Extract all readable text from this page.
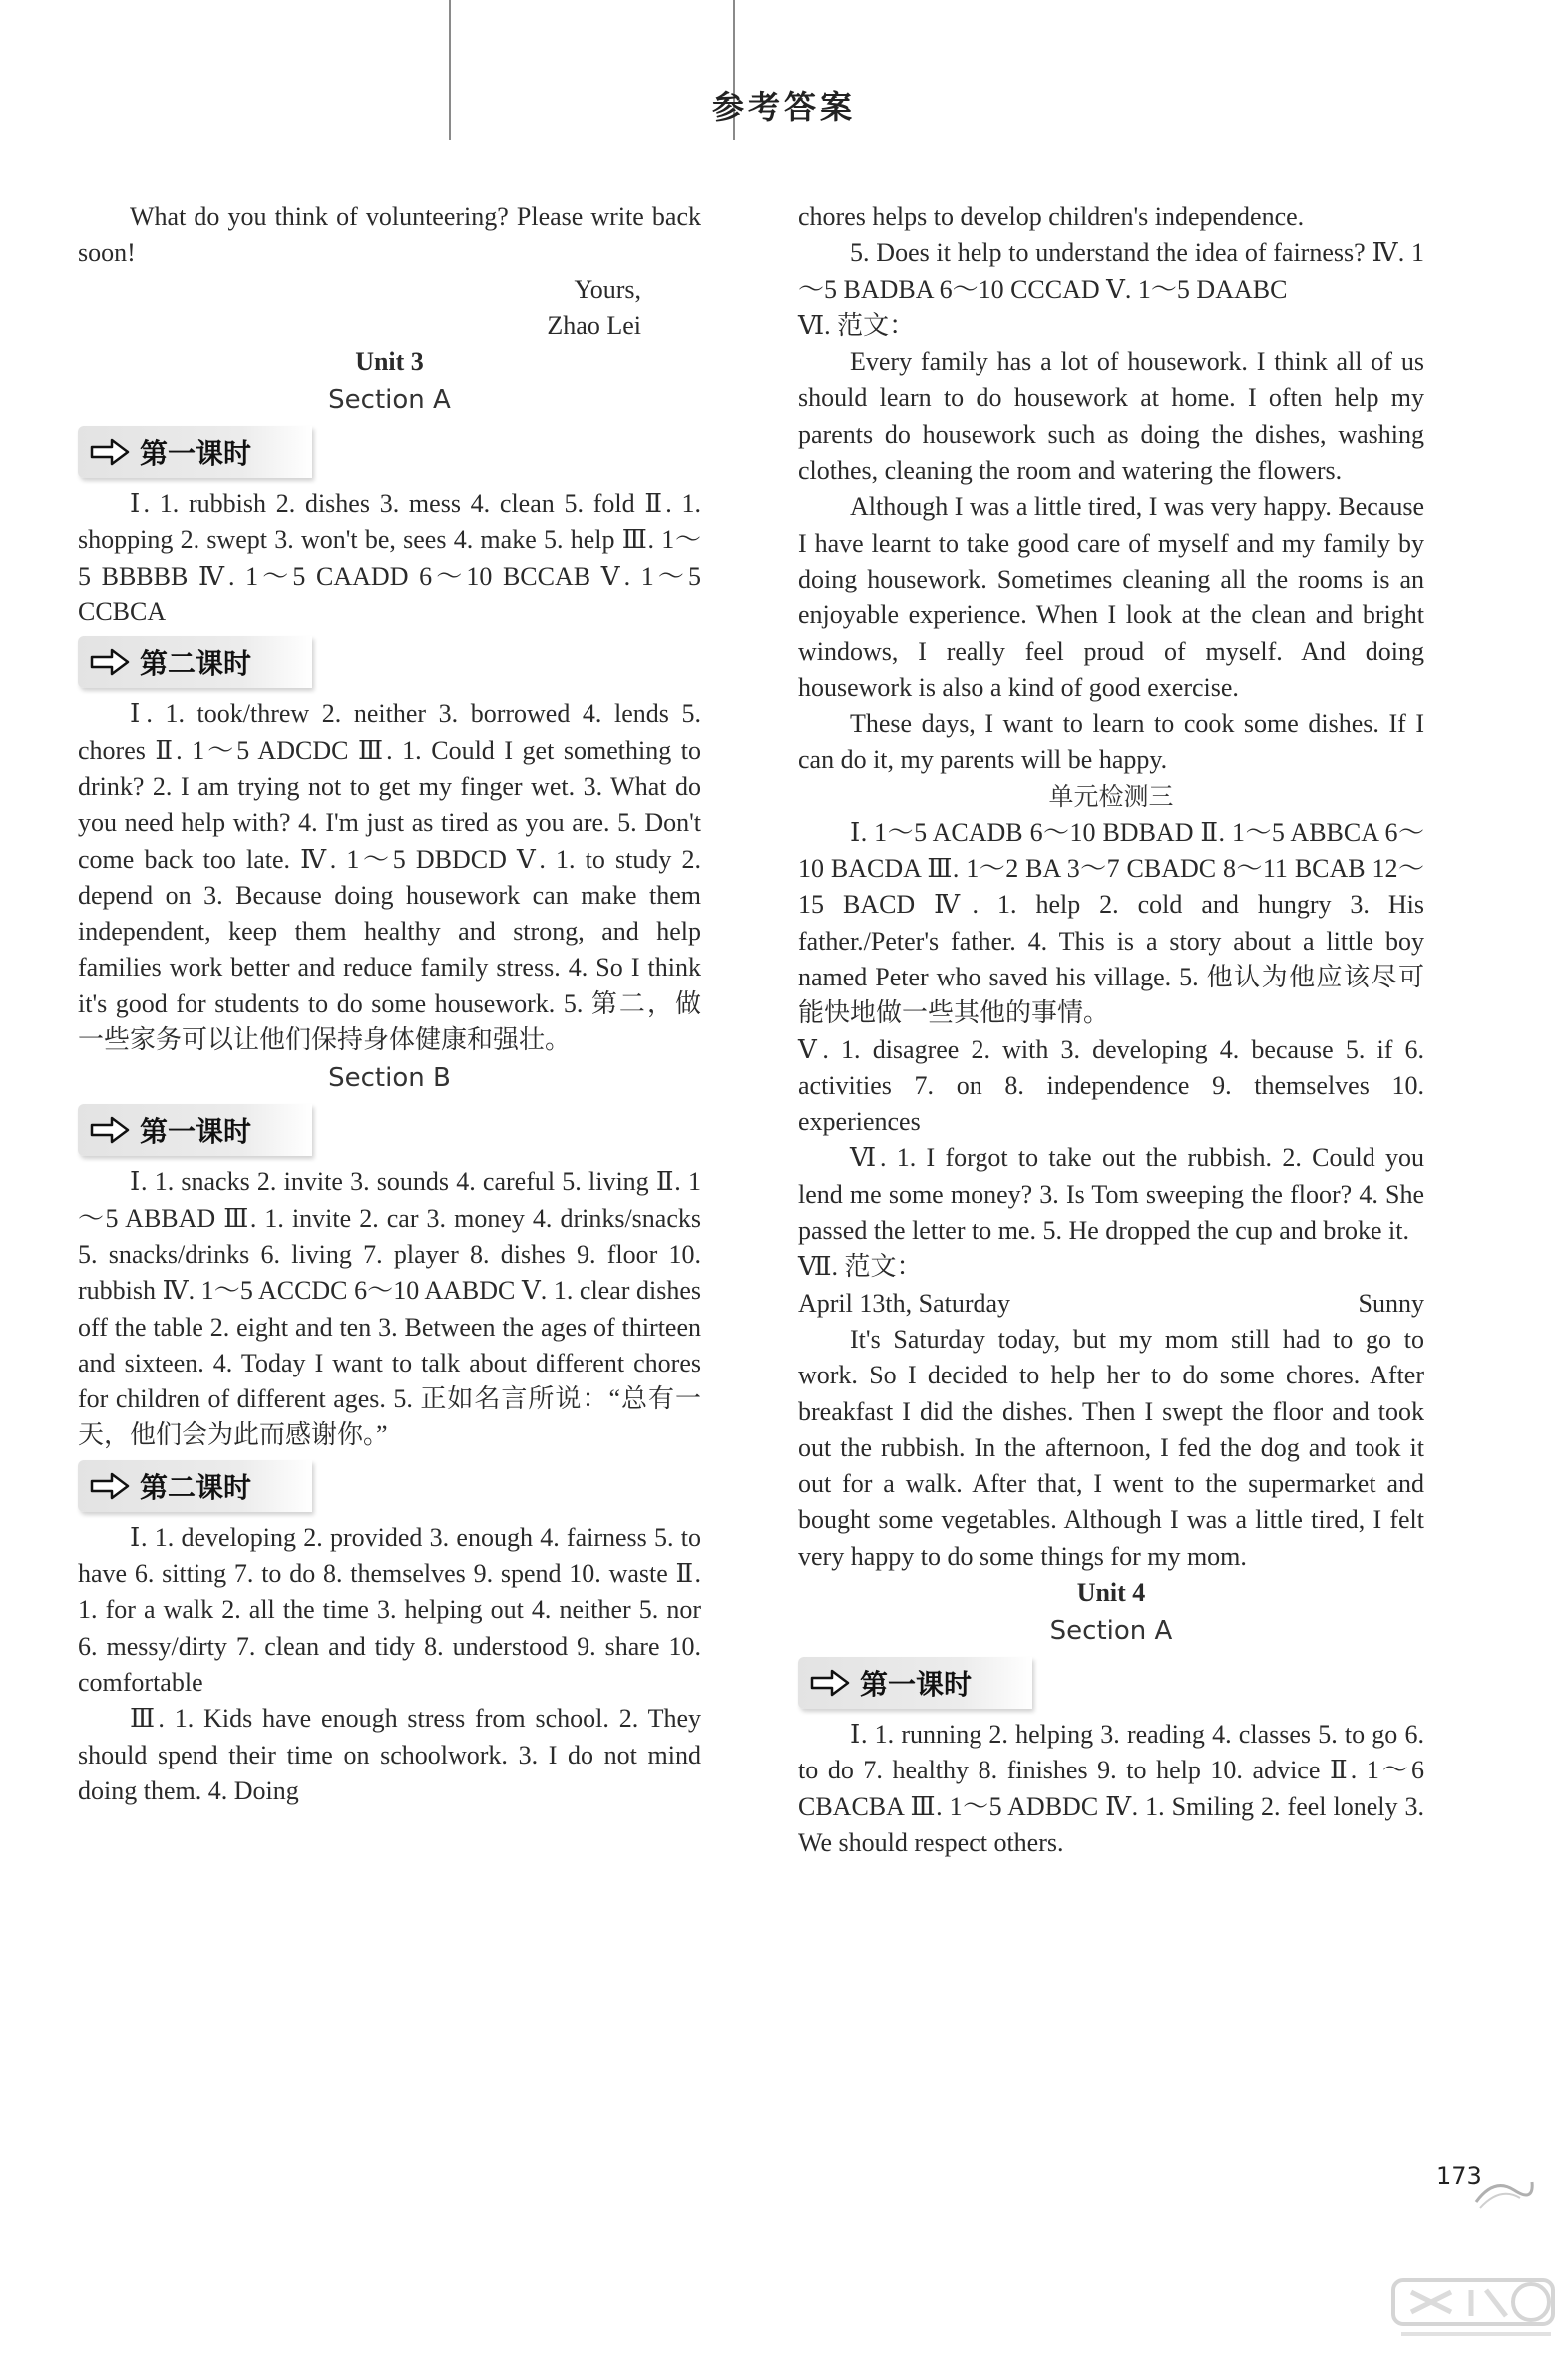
参考答案

What do you think of volunteering? Please write back soon!

Yours,

Zhao Lei

Unit 3

Section A

第一课时

Ⅰ. 1. rubbish 2. dishes 3. mess 4. clean 5. fold Ⅱ. 1. shopping 2. swept 3. won't be, sees 4. make 5. help Ⅲ. 1～5 BBBBB Ⅳ. 1～5 CAADD 6～10 BCCAB Ⅴ. 1～5 CCBCA

第二课时

Ⅰ. 1. took/threw 2. neither 3. borrowed 4. lends 5. chores Ⅱ. 1～5 ADCDC Ⅲ. 1. Could I get something to drink? 2. I am trying not to get my finger wet. 3. What do you need help with? 4. I'm just as tired as you are. 5. Don't come back too late. Ⅳ. 1～5 DBDCD Ⅴ. 1. to study 2. depend on 3. Because doing housework can make them independent, keep them healthy and strong, and help families work better and reduce family stress. 4. So I think it's good for students to do some housework. 5. 第二，做一些家务可以让他们保持身体健康和强壮。

Section B

第一课时

Ⅰ. 1. snacks 2. invite 3. sounds 4. careful 5. living Ⅱ. 1～5 ABBAD Ⅲ. 1. invite 2. car 3. money 4. drinks/snacks 5. snacks/drinks 6. living 7. player 8. dishes 9. floor 10. rubbish Ⅳ. 1～5 ACCDC 6～10 AABDC Ⅴ. 1. clear dishes off the table 2. eight and ten 3. Between the ages of thirteen and sixteen. 4. Today I want to talk about different chores for children of different ages. 5. 正如名言所说：“总有一天，他们会为此而感谢你。”

第二课时

Ⅰ. 1. developing 2. provided 3. enough 4. fairness 5. to have 6. sitting 7. to do 8. themselves 9. spend 10. waste Ⅱ. 1. for a walk 2. all the time 3. helping out 4. neither 5. nor 6. messy/dirty 7. clean and tidy 8. understood 9. share 10. comfortable

Ⅲ. 1. Kids have enough stress from school. 2. They should spend their time on schoolwork. 3. I do not mind doing them. 4. Doing

chores helps to develop children's independence.

5. Does it help to understand the idea of fairness? Ⅳ. 1～5 BADBA 6～10 CCCAD Ⅴ. 1～5 DAABC

Ⅵ. 范文：

Every family has a lot of housework. I think all of us should learn to do housework at home. I often help my parents do housework such as doing the dishes, washing clothes, cleaning the room and watering the flowers.

Although I was a little tired, I was very happy. Because I have learnt to take good care of myself and my family by doing housework. Sometimes cleaning all the rooms is an enjoyable experience. When I look at the clean and bright windows, I really feel proud of myself. And doing housework is also a kind of good exercise.

These days, I want to learn to cook some dishes. If I can do it, my parents will be happy.

单元检测三

Ⅰ. 1～5 ACADB 6～10 BDBAD Ⅱ. 1～5 ABBCA 6～10 BACDA Ⅲ. 1～2 BA 3～7 CBADC 8～11 BCAB 12～15 BACD Ⅳ. 1. help 2. cold and hungry 3. His father./Peter's father. 4. This is a story about a little boy named Peter who saved his village. 5. 他认为他应该尽可能快地做一些其他的事情。

Ⅴ. 1. disagree 2. with 3. developing 4. because 5. if 6. activities 7. on 8. independence 9. themselves 10. experiences

Ⅵ. 1. I forgot to take out the rubbish. 2. Could you lend me some money? 3. Is Tom sweeping the floor? 4. She passed the letter to me. 5. He dropped the cup and broke it.

Ⅶ. 范文：

April 13th, Saturday	Sunny

It's Saturday today, but my mom still had to go to work. So I decided to help her to do some chores. After breakfast I did the dishes. Then I swept the floor and took out the rubbish. In the afternoon, I fed the dog and took it out for a walk. After that, I went to the supermarket and bought some vegetables. Although I was a little tired, I felt very happy to do some things for my mom.

Unit 4

Section A

第一课时

Ⅰ. 1. running 2. helping 3. reading 4. classes 5. to go 6. to do 7. healthy 8. finishes 9. to help 10. advice Ⅱ. 1～6 CBACBA Ⅲ. 1～5 ADBDC Ⅳ. 1. Smiling 2. feel lonely 3. We should respect others.

173
